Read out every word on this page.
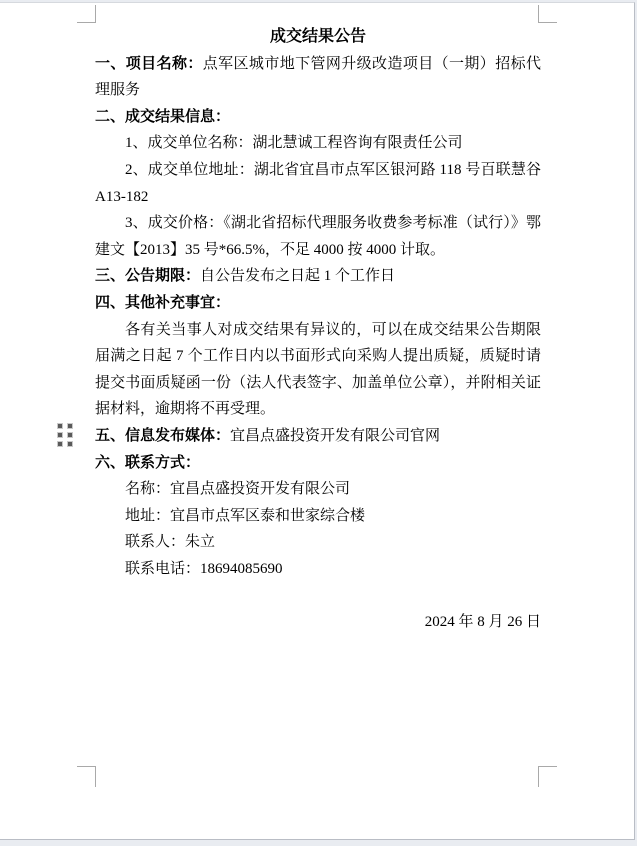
成交结果公告

一、项目名称：点军区城市地下管网升级改造项目（一期）招标代理服务

二、成交结果信息：

1、成交单位名称：湖北慧诚工程咨询有限责任公司

2、成交单位地址：湖北省宜昌市点军区银河路 118 号百联慧谷A13-182

3、成交价格：《湖北省招标代理服务收费参考标准（试行）》鄂建文【2013】35 号*66.5%，不足 4000 按 4000 计取。

三、公告期限：自公告发布之日起 1 个工作日

四、其他补充事宜：

各有关当事人对成交结果有异议的，可以在成交结果公告期限届满之日起 7 个工作日内以书面形式向采购人提出质疑，质疑时请提交书面质疑函一份（法人代表签字、加盖单位公章），并附相关证据材料，逾期将不再受理。

五、信息发布媒体：宜昌点盛投资开发有限公司官网

六、联系方式：

名称：宜昌点盛投资开发有限公司

地址：宜昌市点军区泰和世家综合楼

联系人：朱立

联系电话：18694085690

2024 年 8 月 26 日
